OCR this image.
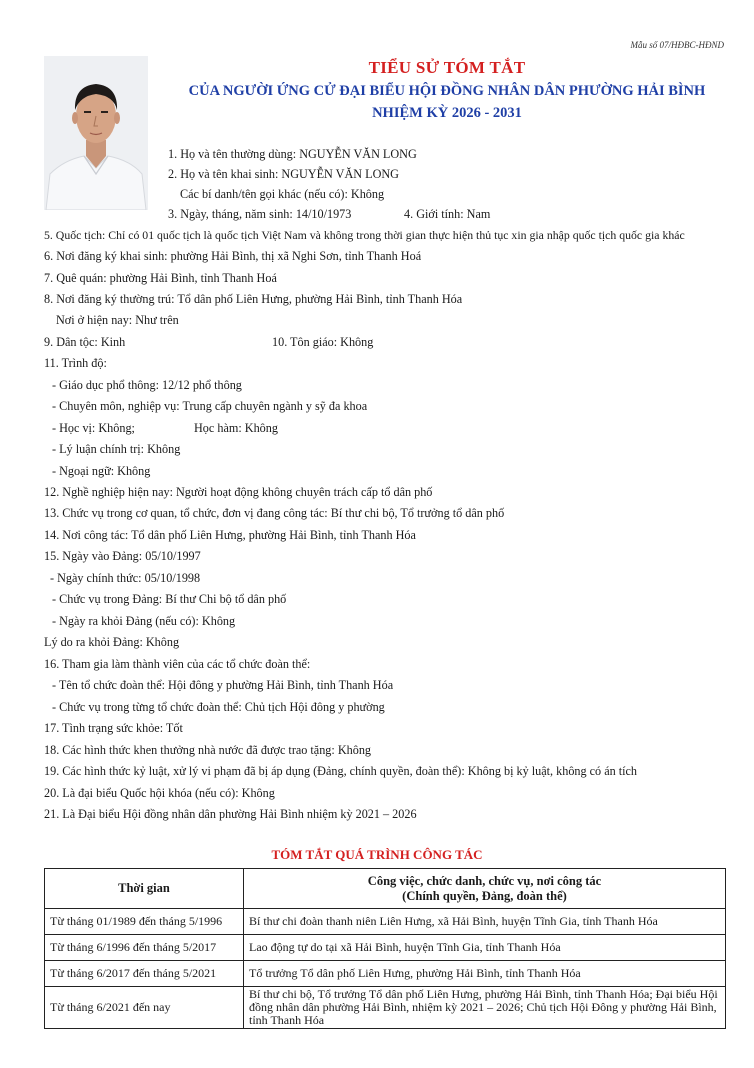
Mẫu số 07/HĐBC-HĐND
TIỂU SỬ TÓM TẮT
CỦA NGƯỜI ỨNG CỬ ĐẠI BIỂU HỘI ĐỒNG NHÂN DÂN PHƯỜNG HẢI BÌNH
NHIỆM KỲ 2026 - 2031
1. Họ và tên thường dùng: NGUYỄN VĂN LONG
2. Họ và tên khai sinh: NGUYỄN VĂN LONG
Các bí danh/tên gọi khác (nếu có): Không
3. Ngày, tháng, năm sinh: 14/10/1973	4. Giới tính: Nam
5. Quốc tịch: Chỉ có 01 quốc tịch là quốc tịch Việt Nam và không trong thời gian thực hiện thủ tục xin gia nhập quốc tịch quốc gia khác
6. Nơi đăng ký khai sinh: phường Hải Bình, thị xã Nghi Sơn, tỉnh Thanh Hoá
7. Quê quán: phường Hải Bình, tỉnh Thanh Hoá
8. Nơi đăng ký thường trú: Tổ dân phố Liên Hưng, phường Hải Bình, tỉnh Thanh Hóa
Nơi ở hiện nay: Như trên
9. Dân tộc: Kinh	10. Tôn giáo: Không
11. Trình độ:
- Giáo dục phổ thông: 12/12 phổ thông
- Chuyên môn, nghiệp vụ: Trung cấp chuyên ngành y sỹ đa khoa
- Học vị: Không;	Học hàm: Không
- Lý luận chính trị: Không
- Ngoại ngữ: Không
12. Nghề nghiệp hiện nay: Người hoạt động không chuyên trách cấp tổ dân phố
13. Chức vụ trong cơ quan, tổ chức, đơn vị đang công tác: Bí thư chi bộ, Tổ trưởng tổ dân phố
14. Nơi công tác: Tổ dân phố Liên Hưng, phường Hải Bình, tỉnh Thanh Hóa
15. Ngày vào Đảng: 05/10/1997
- Ngày chính thức: 05/10/1998
- Chức vụ trong Đảng: Bí thư Chi bộ tổ dân phố
- Ngày ra khỏi Đảng (nếu có): Không
Lý do ra khỏi Đảng: Không
16. Tham gia làm thành viên của các tổ chức đoàn thể:
- Tên tổ chức đoàn thể: Hội đông y phường Hải Bình, tỉnh Thanh Hóa
- Chức vụ trong từng tổ chức đoàn thể: Chủ tịch Hội đông y phường
17. Tình trạng sức khỏe: Tốt
18. Các hình thức khen thưởng nhà nước đã được trao tặng: Không
19. Các hình thức kỷ luật, xử lý vi phạm đã bị áp dụng (Đảng, chính quyền, đoàn thể): Không bị kỷ luật, không có án tích
20. Là đại biểu Quốc hội khóa (nếu có): Không
21. Là Đại biểu Hội đồng nhân dân phường Hải Bình nhiệm kỳ 2021 – 2026
TÓM TẮT QUÁ TRÌNH CÔNG TÁC
Thời gian	Công việc, chức danh, chức vụ, nơi công tác
(Chính quyền, Đảng, đoàn thể)

Từ tháng 01/1989 đến tháng 5/1996	Bí thư chi đoàn thanh niên Liên Hưng, xã Hải Bình, huyện Tĩnh Gia, tỉnh Thanh Hóa
Từ tháng 6/1996 đến tháng 5/2017	Lao động tự do tại xã Hải Bình, huyện Tĩnh Gia, tỉnh Thanh Hóa
Từ tháng 6/2017 đến tháng 5/2021	Tổ trưởng Tổ dân phố Liên Hưng, phường Hải Bình, tỉnh Thanh Hóa
Từ tháng 6/2021 đến nay	Bí thư chi bộ, Tổ trưởng Tổ dân phố Liên Hưng, phường Hải Bình, tỉnh Thanh Hóa; Đại biểu Hội đồng nhân dân phường Hải Bình, nhiệm kỳ 2021 – 2026; Chủ tịch Hội Đông y phường Hải Bình, tỉnh Thanh Hóa
